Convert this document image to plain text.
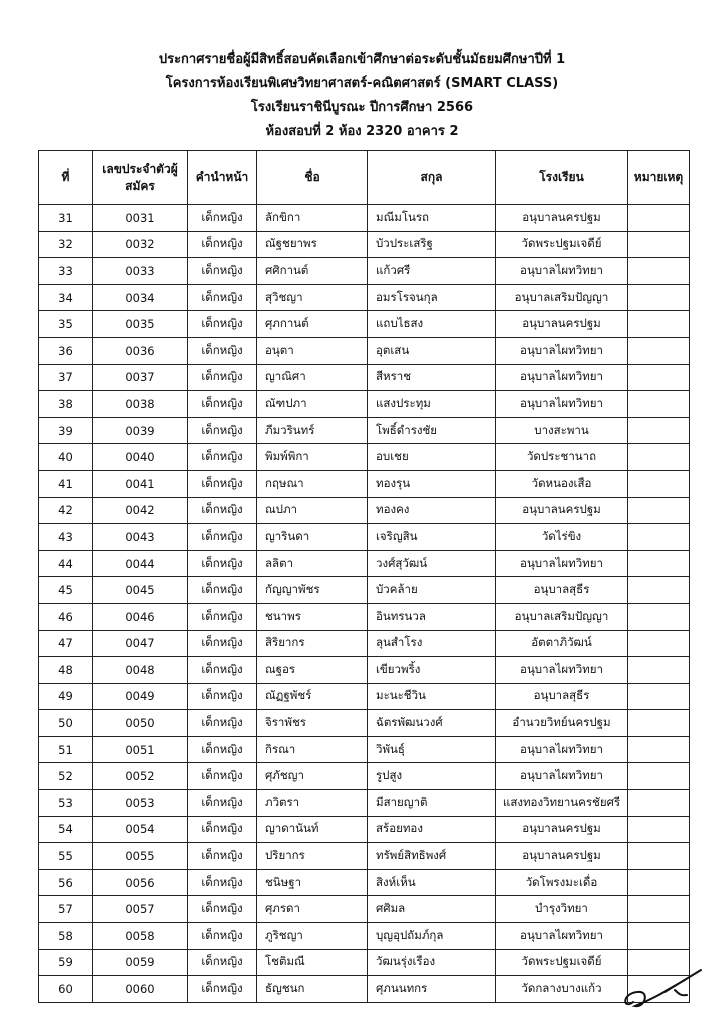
ประกาศรายชื่อผู้มีสิทธิ์สอบคัดเลือกเข้าศึกษาต่อระดับชั้นมัธยมศึกษาปีที่ 1
โครงการห้องเรียนพิเศษวิทยาศาสตร์-คณิตศาสตร์ (SMART CLASS)
โรงเรียนราชินีบูรณะ ปีการศึกษา 2566
ห้องสอบที่ 2 ห้อง 2320 อาคาร 2
ที่	เลขประจำตัวผู้สมัคร	คำนำหน้า	ชื่อ	สกุล	โรงเรียน	หมายเหตุ
31	0031	เด็กหญิง	ลักขิกา	มณีมโนรถ	อนุบาลนครปฐม	
32	0032	เด็กหญิง	ณัฐชยาพร	บัวประเสริฐ	วัดพระปฐมเจดีย์	
33	0033	เด็กหญิง	ศศิกานต์	แก้วศรี	อนุบาลไผทวิทยา	
34	0034	เด็กหญิง	สุวิชญา	อมรโรจนกุล	อนุบาลเสริมปัญญา	
35	0035	เด็กหญิง	ศุภกานต์	แถบไธสง	อนุบาลนครปฐม	
36	0036	เด็กหญิง	อนุตา	อุตเสน	อนุบาลไผทวิทยา	
37	0037	เด็กหญิง	ญาณิศา	สีหราช	อนุบาลไผทวิทยา	
38	0038	เด็กหญิง	ณัฑปภา	แสงประทุม	อนุบาลไผทวิทยา	
39	0039	เด็กหญิง	ภีมวรินทร์	โพธิ์ดำรงชัย	บางสะพาน	
40	0040	เด็กหญิง	พิมพ์พิกา	อบเชย	วัดประชานาถ	
41	0041	เด็กหญิง	กฤษณา	ทองรุน	วัดหนองเสือ	
42	0042	เด็กหญิง	ณปภา	ทองคง	อนุบาลนครปฐม	
43	0043	เด็กหญิง	ญารินดา	เจริญสิน	วัดไร่ขิง	
44	0044	เด็กหญิง	ลลิตา	วงศ์สุวัฒน์	อนุบาลไผทวิทยา	
45	0045	เด็กหญิง	กัญญาพัชร	บัวคล้าย	อนุบาลสุธีร	
46	0046	เด็กหญิง	ชนาพร	อินทรนวล	อนุบาลเสริมปัญญา	
47	0047	เด็กหญิง	สิริยากร	ลุนสำโรง	อัตตาภิวัฒน์	
48	0048	เด็กหญิง	ณฐอร	เขียวพริ้ง	อนุบาลไผทวิทยา	
49	0049	เด็กหญิง	ณัฏฐพัชร์	มะนะชีวิน	อนุบาลสุธีร	
50	0050	เด็กหญิง	จิราพัชร	ฉัตรพัฒนวงศ์	อำนวยวิทย์นครปฐม	
51	0051	เด็กหญิง	กิรณา	วิพันธุ์	อนุบาลไผทวิทยา	
52	0052	เด็กหญิง	ศุภัชญา	รูปสูง	อนุบาลไผทวิทยา	
53	0053	เด็กหญิง	ภวิตรา	มีสายญาติ	แสงทองวิทยานครชัยศรี	
54	0054	เด็กหญิง	ญาดานันท์	สร้อยทอง	อนุบาลนครปฐม	
55	0055	เด็กหญิง	ปริยากร	ทรัพย์สิทธิพงศ์	อนุบาลนครปฐม	
56	0056	เด็กหญิง	ชนิษฐา	สิงห์เห็น	วัดโพรงมะเดื่อ	
57	0057	เด็กหญิง	ศุภรดา	ศศิมล	บำรุงวิทยา	
58	0058	เด็กหญิง	ภูริชญา	บุญอุปถัมภ์กุล	อนุบาลไผทวิทยา	
59	0059	เด็กหญิง	โชติมณี	วัฒนรุ่งเรือง	วัดพระปฐมเจดีย์	
60	0060	เด็กหญิง	ธัญชนก	ศุภนนทกร	วัดกลางบางแก้ว	
